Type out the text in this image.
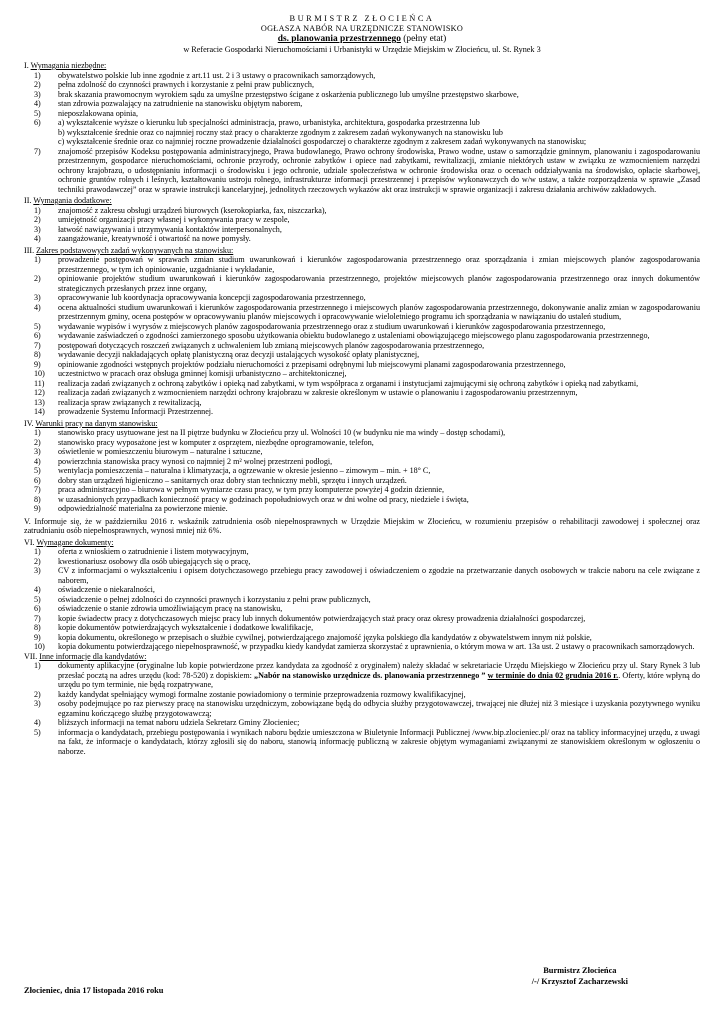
BURMISTRZ ZŁOCIEŃCA
OGŁASZA NABÓR NA URZĘDNICZE STANOWISKO
ds. planowania przestrzennego (pełny etat)
w Referacie Gospodarki Nieruchomościami i Urbanistyki w Urzędzie Miejskim w Złocieńcu, ul. St. Rynek 3
I. Wymagania niezbędne:
1) obywatelstwo polskie lub inne zgodnie z art.11 ust. 2 i 3 ustawy o pracownikach samorządowych,
2) pełna zdolność do czynności prawnych i korzystanie z pełni praw publicznych,
3) brak skazania prawomocnym wyrokiem sądu za umyślne przestępstwo ścigane z oskarżenia publicznego lub umyślne przestępstwo skarbowe,
4) stan zdrowia pozwalający na zatrudnienie na stanowisku objętym naborem,
5) nieposzlakowana opinia,
6) a) wykształcenie wyższe o kierunku lub specjalności administracja, prawo, urbanistyka, architektura, gospodarka przestrzenna lub
b) wykształcenie średnie oraz co najmniej roczny staż pracy o charakterze zgodnym z zakresem zadań wykonywanych na stanowisku lub
c) wykształcenie średnie oraz co najmniej roczne prowadzenie działalności gospodarczej o charakterze zgodnym z zakresem zadań wykonywanych na stanowisku;
7) znajomość przepisów Kodeksu postępowania administracyjnego, Prawa budowlanego, Prawo ochrony środowiska, Prawo wodne, ustaw o samorządzie gminnym, planowaniu i zagospodarowaniu przestrzennym, gospodarce nieruchomościami, ochronie przyrody, ochronie zabytków i opiece nad zabytkami, rewitalizacji, zmianie niektórych ustaw w związku ze wzmocnieniem narzędzi ochrony krajobrazu, o udostępnianiu informacji o środowisku i jego ochronie, udziale społeczeństwa w ochronie środowiska oraz o ocenach oddziaływania na środowisko, opłacie skarbowej, ochronie gruntów rolnych i leśnych, kształtowaniu ustroju rolnego, infrastrukturze informacji przestrzennej i przepisów wykonawczych do w/w ustaw, a także rozporządzenia w sprawie „Zasad techniki prawodawczej” oraz w sprawie instrukcji kancelaryjnej, jednolitych rzeczowych wykazów akt oraz instrukcji w sprawie organizacji i zakresu działania archiwów zakładowych.
II. Wymagania dodatkowe:
1) znajomość z zakresu obsługi urządzeń biurowych (kserokopiarka, fax, niszczarka),
2) umiejętność organizacji pracy własnej i wykonywania pracy w zespole,
3) łatwość nawiązywania i utrzymywania kontaktów interpersonalnych,
4) zaangażowanie, kreatywność i otwartość na nowe pomysły.
III. Zakres podstawowych zadań wykonywanych na stanowisku:
1) prowadzenie postępowań w sprawach zmian studium uwarunkowań i kierunków zagospodarowania przestrzennego oraz sporządzania i zmian miejscowych planów zagospodarowania przestrzennego, w tym ich opiniowanie, uzgadnianie i wykładanie,
2) opiniowanie projektów studium uwarunkowań i kierunków zagospodarowania przestrzennego, projektów miejscowych planów zagospodarowania przestrzennego oraz innych dokumentów strategicznych przesłanych przez inne organy,
3) opracowywanie lub koordynacja opracowywania koncepcji zagospodarowania przestrzennego,
4) ocena aktualności studium uwarunkowań i kierunków zagospodarowania przestrzennego i miejscowych planów zagospodarowania przestrzennego, dokonywanie analiz zmian w zagospodarowaniu przestrzennym gminy, ocena postępów w opracowywaniu planów miejscowych i opracowywanie wieloletniego programu ich sporządzania w nawiązaniu do ustaleń studium,
5) wydawanie wypisów i wyrysów z miejscowych planów zagospodarowania przestrzennego oraz z studium uwarunkowań i kierunków zagospodarowania przestrzennego,
6) wydawanie zaświadczeń o zgodności zamierzonego sposobu użytkowania obiektu budowlanego z ustaleniami obowiązującego miejscowego planu zagospodarowania przestrzennego,
7) postępowań dotyczących roszczeń związanych z uchwaleniem lub zmianą miejscowych planów zagospodarowania przestrzennego,
8) wydawanie decyzji nakładających opłatę planistyczną oraz decyzji ustalających wysokość opłaty planistycznej,
9) opiniowanie zgodności wstępnych projektów podziału nieruchomości z przepisami odrębnymi lub miejscowymi planami zagospodarowania przestrzennego,
10) uczestnictwo w pracach oraz obsługa gminnej komisji urbanistyczno – architektonicznej,
11) realizacja zadań związanych z ochroną zabytków i opieką nad zabytkami, w tym współpraca z organami i instytucjami zajmującymi się ochroną zabytków i opieką nad zabytkami,
12) realizacja zadań związanych z wzmocnieniem narzędzi ochrony krajobrazu w zakresie określonym w ustawie o planowaniu i zagospodarowaniu przestrzennym,
13) realizacja spraw związanych z rewitalizacją,
14) prowadzenie Systemu Informacji Przestrzennej.
IV. Warunki pracy na danym stanowisku:
1) stanowisko pracy usytuowane jest na II piętrze budynku w Złocieńcu przy ul. Wolności 10 (w budynku nie ma windy – dostęp schodami),
2) stanowisko pracy wyposażone jest w komputer z osprzętem, niezbędne oprogramowanie, telefon,
3) oświetlenie w pomieszczeniu biurowym – naturalne i sztuczne,
4) powierzchnia stanowiska pracy wynosi co najmniej 2 m² wolnej przestrzeni podłogi,
5) wentylacja pomieszczenia – naturalna i klimatyzacja, a ogrzewanie w okresie jesienno – zimowym – min. + 18° C,
6) dobry stan urządzeń higieniczno – sanitarnych oraz dobry stan techniczny mebli, sprzętu i innych urządzeń.
7) praca administracyjno – biurowa w pełnym wymiarze czasu pracy, w tym przy komputerze powyżej 4 godzin dziennie,
8) w uzasadnionych przypadkach konieczność pracy w godzinach popołudniowych oraz w dni wolne od pracy, niedziele i święta,
9) odpowiedzialność materialna za powierzone mienie.
V. Informuje się, że w październiku 2016 r. wskaźnik zatrudnienia osób niepełnosprawnych w Urzędzie Miejskim w Złocieńcu, w rozumieniu przepisów o rehabilitacji zawodowej i społecznej oraz zatrudnianiu osób niepełnosprawnych, wynosi mniej niż 6%.
VI. Wymagane dokumenty:
1) oferta z wnioskiem o zatrudnienie i listem motywacyjnym,
2) kwestionariusz osobowy dla osób ubiegających się o pracę,
3) CV z informacjami o wykształceniu i opisem dotychczasowego przebiegu pracy zawodowej i oświadczeniem o zgodzie na przetwarzanie danych osobowych w trakcie naboru na cele związane z naborem,
4) oświadczenie o niekaralności,
5) oświadczenie o pełnej zdolności do czynności prawnych i korzystaniu z pełni praw publicznych,
6) oświadczenie o stanie zdrowia umożliwiającym pracę na stanowisku,
7) kopie świadectw pracy z dotychczasowych miejsc pracy lub innych dokumentów potwierdzających staż pracy oraz okresy prowadzenia działalności gospodarczej,
8) kopie dokumentów potwierdzających wykształcenie i dodatkowe kwalifikacje,
9) kopia dokumentu, określonego w przepisach o służbie cywilnej, potwierdzającego znajomość języka polskiego dla kandydatów z obywatelstwem innym niż polskie,
10) kopia dokumentu potwierdzającego niepełnosprawność, w przypadku kiedy kandydat zamierza skorzystać z uprawnienia, o którym mowa w art. 13a ust. 2 ustawy o pracownikach samorządowych.
VII. Inne informacje dla kandydatów:
1) dokumenty aplikacyjne (oryginalne lub kopie potwierdzone przez kandydata za zgodność z oryginałem) należy składać w sekretariacie Urzędu Miejskiego w Złocieńcu przy ul. Stary Rynek 3 lub przesłać pocztą na adres urzędu (kod: 78-520) z dopiskiem: „Nabór na stanowisko urzędnicze ds. planowania przestrzennego ” w terminie do dnia 02 grudnia 2016 r.. Oferty, które wpłyną do urzędu po tym terminie, nie będą rozpatrywane,
2) każdy kandydat spełniający wymogi formalne zostanie powiadomiony o terminie przeprowadzenia rozmowy kwalifikacyjnej,
3) osoby podejmujące po raz pierwszy pracę na stanowisku urzędniczym, zobowiązane będą do odbycia służby przygotowawczej, trwającej nie dłużej niż 3 miesiące i uzyskania pozytywnego wyniku egzaminu kończącego służbę przygotowawczą;
4) bliższych informacji na temat naboru udziela Sekretarz Gminy Złocieniec;
5) informacja o kandydatach, przebiegu postępowania i wynikach naboru będzie umieszczona w Biuletynie Informacji Publicznej /www.bip.zlocieniec.pl/ oraz na tablicy informacyjnej urzędu, z uwagi na fakt, że informacje o kandydatach, którzy zgłosili się do naboru, stanowią informację publiczną w zakresie objętym wymaganiami związanymi ze stanowiskiem określonym w ogłoszeniu o naborze.
Burmistrz Złocieńca
/-/ Krzysztof Zacharzewski
Złocieniec, dnia 17 listopada 2016 roku
